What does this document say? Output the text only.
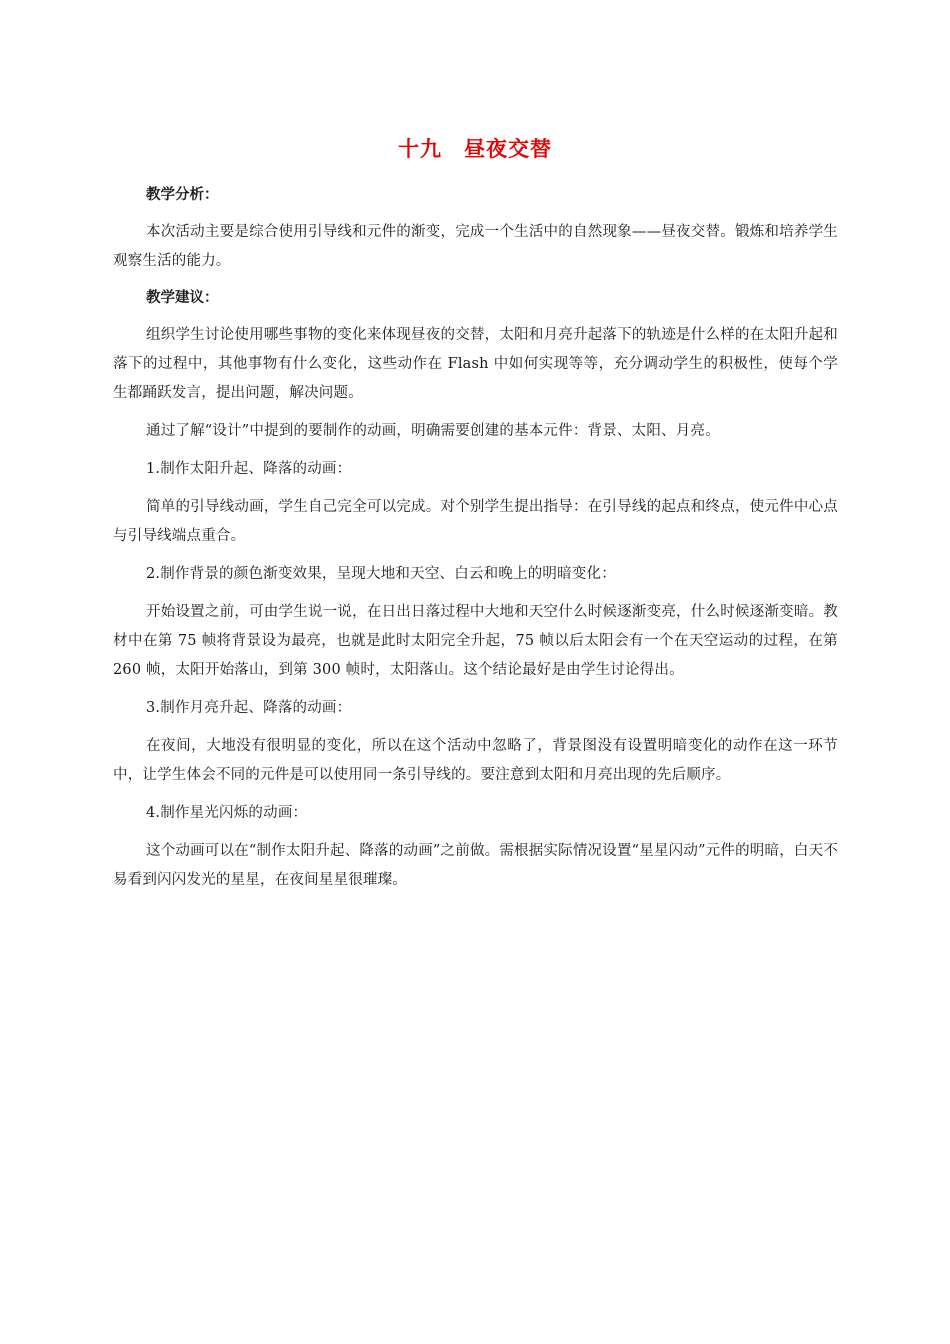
十九　昼夜交替
教学分析：

本次活动主要是综合使用引导线和元件的渐变，完成一个生活中的自然现象——昼夜交替。锻炼和培养学生观察生活的能力。

教学建议：

组织学生讨论使用哪些事物的变化来体现昼夜的交替，太阳和月亮升起落下的轨迹是什么样的在太阳升起和落下的过程中，其他事物有什么变化，这些动作在 Flash 中如何实现等等，充分调动学生的积极性，使每个学生都踊跃发言，提出问题，解决问题。

通过了解“设计”中提到的要制作的动画，明确需要创建的基本元件：背景、太阳、月亮。

1.制作太阳升起、降落的动画：

简单的引导线动画，学生自己完全可以完成。对个别学生提出指导：在引导线的起点和终点，使元件中心点与引导线端点重合。

2.制作背景的颜色渐变效果，呈现大地和天空、白云和晚上的明暗变化：

开始设置之前，可由学生说一说，在日出日落过程中大地和天空什么时候逐渐变亮，什么时候逐渐变暗。教材中在第 75 帧将背景设为最亮，也就是此时太阳完全升起，75 帧以后太阳会有一个在天空运动的过程，在第 260 帧，太阳开始落山，到第 300 帧时，太阳落山。这个结论最好是由学生讨论得出。

3.制作月亮升起、降落的动画：

在夜间，大地没有很明显的变化，所以在这个活动中忽略了，背景图没有设置明暗变化的动作在这一环节中，让学生体会不同的元件是可以使用同一条引导线的。要注意到太阳和月亮出现的先后顺序。

4.制作星光闪烁的动画：

这个动画可以在“制作太阳升起、降落的动画”之前做。需根据实际情况设置“星星闪动”元件的明暗，白天不易看到闪闪发光的星星，在夜间星星很璀璨。
